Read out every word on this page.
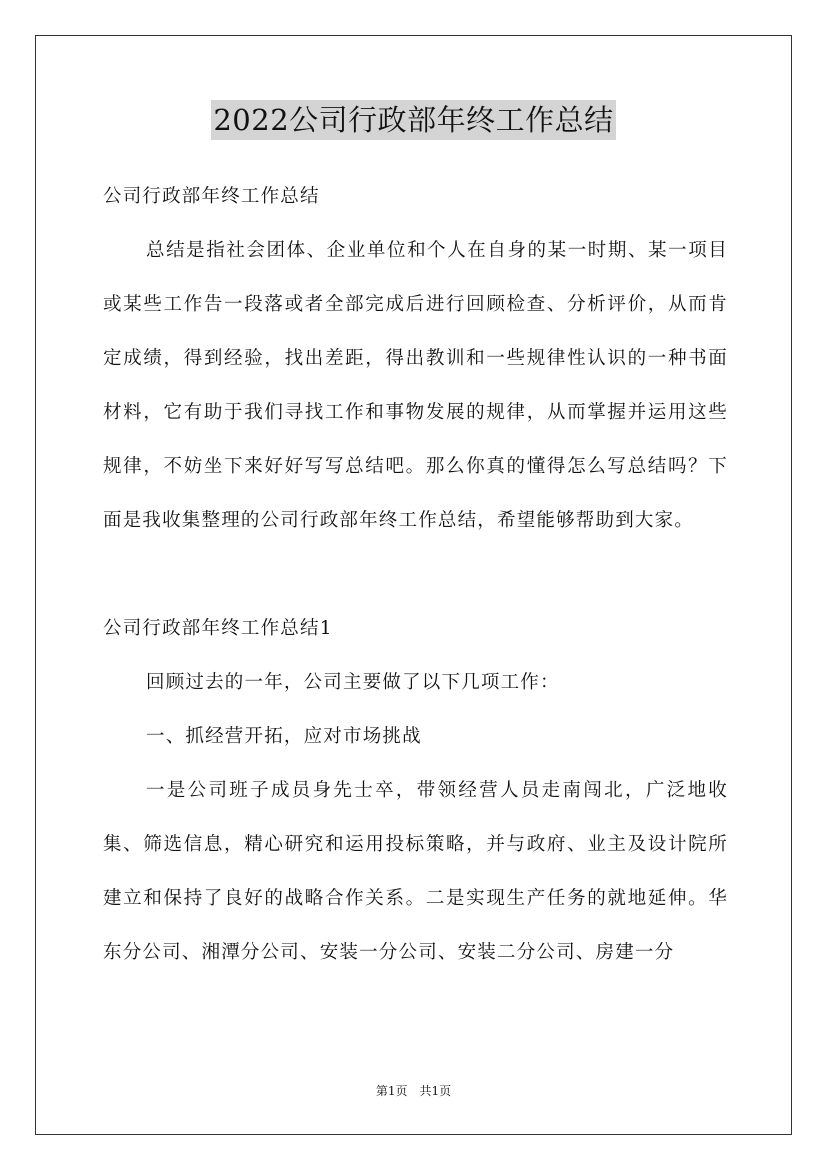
2022公司行政部年终工作总结

公司行政部年终工作总结

总结是指社会团体、企业单位和个人在自身的某一时期、某一项目或某些工作告一段落或者全部完成后进行回顾检查、分析评价，从而肯定成绩，得到经验，找出差距，得出教训和一些规律性认识的一种书面材料，它有助于我们寻找工作和事物发展的规律，从而掌握并运用这些规律，不妨坐下来好好写写总结吧。那么你真的懂得怎么写总结吗？下面是我收集整理的公司行政部年终工作总结，希望能够帮助到大家。

公司行政部年终工作总结1

回顾过去的一年，公司主要做了以下几项工作：

一、抓经营开拓，应对市场挑战

一是公司班子成员身先士卒，带领经营人员走南闯北，广泛地收集、筛选信息，精心研究和运用投标策略，并与政府、业主及设计院所建立和保持了良好的战略合作关系。二是实现生产任务的就地延伸。华东分公司、湘潭分公司、安装一分公司、安装二分公司、房建一分

第1页 共1页
